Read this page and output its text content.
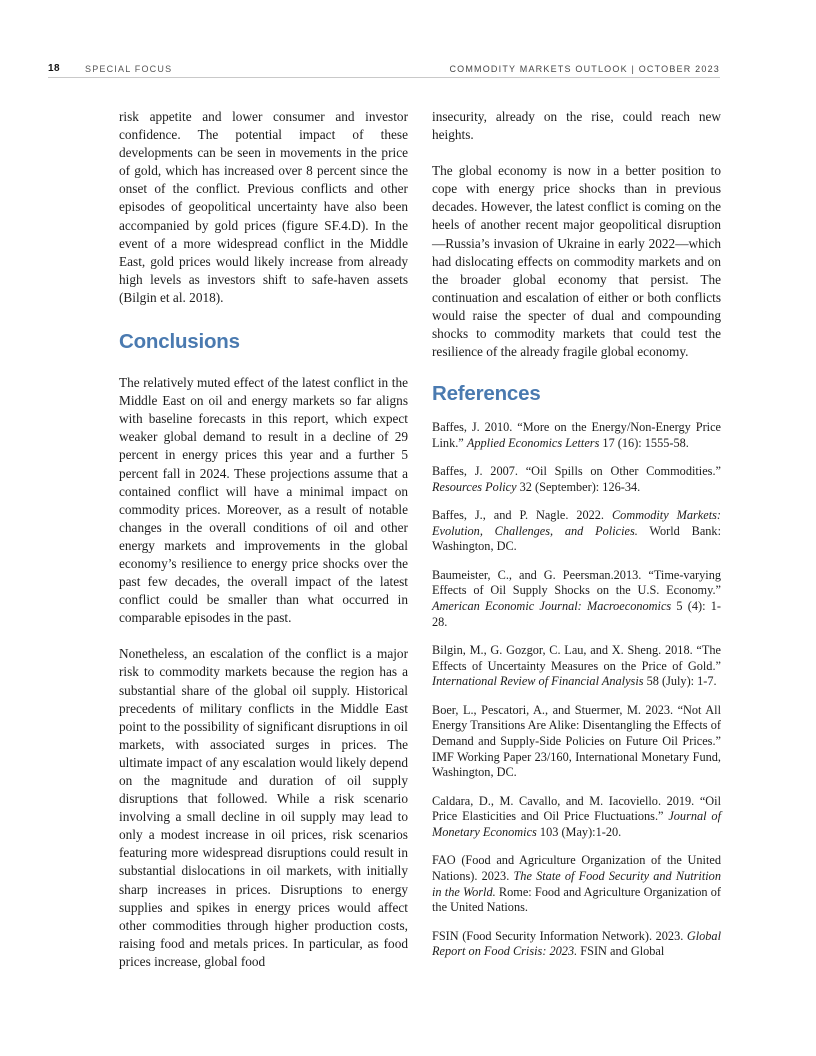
18	SPECIAL FOCUS	COMMODITY MARKETS OUTLOOK | OCTOBER 2023

risk appetite and lower consumer and investor confidence. The potential impact of these developments can be seen in movements in the price of gold, which has increased over 8 percent since the onset of the conflict. Previous conflicts and other episodes of geopolitical uncertainty have also been accompanied by gold prices (figure SF.4.D). In the event of a more widespread conflict in the Middle East, gold prices would likely increase from already high levels as investors shift to safe-haven assets (Bilgin et al. 2018).

Conclusions

The relatively muted effect of the latest conflict in the Middle East on oil and energy markets so far aligns with baseline forecasts in this report, which expect weaker global demand to result in a decline of 29 percent in energy prices this year and a further 5 percent fall in 2024. These projections assume that a contained conflict will have a minimal impact on commodity prices. Moreover, as a result of notable changes in the overall conditions of oil and other energy markets and improvements in the global economy’s resilience to energy price shocks over the past few decades, the overall impact of the latest conflict could be smaller than what occurred in comparable episodes in the past.

Nonetheless, an escalation of the conflict is a major risk to commodity markets because the region has a substantial share of the global oil supply. Historical precedents of military conflicts in the Middle East point to the possibility of significant disruptions in oil markets, with associated surges in prices. The ultimate impact of any escalation would likely depend on the magnitude and duration of oil supply disruptions that followed. While a risk scenario involving a small decline in oil supply may lead to only a modest increase in oil prices, risk scenarios featuring more widespread disruptions could result in substantial dislocations in oil markets, with initially sharp increases in prices. Disruptions to energy supplies and spikes in energy prices would affect other commodities through higher production costs, raising food and metals prices. In particular, as food prices increase, global food

insecurity, already on the rise, could reach new heights.

The global economy is now in a better position to cope with energy price shocks than in previous decades. However, the latest conflict is coming on the heels of another recent major geopolitical disruption—Russia’s invasion of Ukraine in early 2022—which had dislocating effects on commodity markets and on the broader global economy that persist. The continuation and escalation of either or both conflicts would raise the specter of dual and compounding shocks to commodity markets that could test the resilience of the already fragile global economy.

References

Baffes, J. 2010. “More on the Energy/Non-Energy Price Link.” Applied Economics Letters 17 (16): 1555-58.

Baffes, J. 2007. “Oil Spills on Other Commodities.” Resources Policy 32 (September): 126-34.

Baffes, J., and P. Nagle. 2022. Commodity Markets: Evolution, Challenges, and Policies. World Bank: Washington, DC.

Baumeister, C., and G. Peersman.2013. “Time-varying Effects of Oil Supply Shocks on the U.S. Economy.” American Economic Journal: Macroeconomics 5 (4): 1-28.

Bilgin, M., G. Gozgor, C. Lau, and X. Sheng. 2018. “The Effects of Uncertainty Measures on the Price of Gold.” International Review of Financial Analysis 58 (July): 1-7.

Boer, L., Pescatori, A., and Stuermer, M. 2023. “Not All Energy Transitions Are Alike: Disentangling the Effects of Demand and Supply-Side Policies on Future Oil Prices.” IMF Working Paper 23/160, International Monetary Fund, Washington, DC.

Caldara, D., M. Cavallo, and M. Iacoviello. 2019. “Oil Price Elasticities and Oil Price Fluctuations.” Journal of Monetary Economics 103 (May):1-20.

FAO (Food and Agriculture Organization of the United Nations). 2023. The State of Food Security and Nutrition in the World. Rome: Food and Agriculture Organization of the United Nations.

FSIN (Food Security Information Network). 2023. Global Report on Food Crisis: 2023. FSIN and Global
